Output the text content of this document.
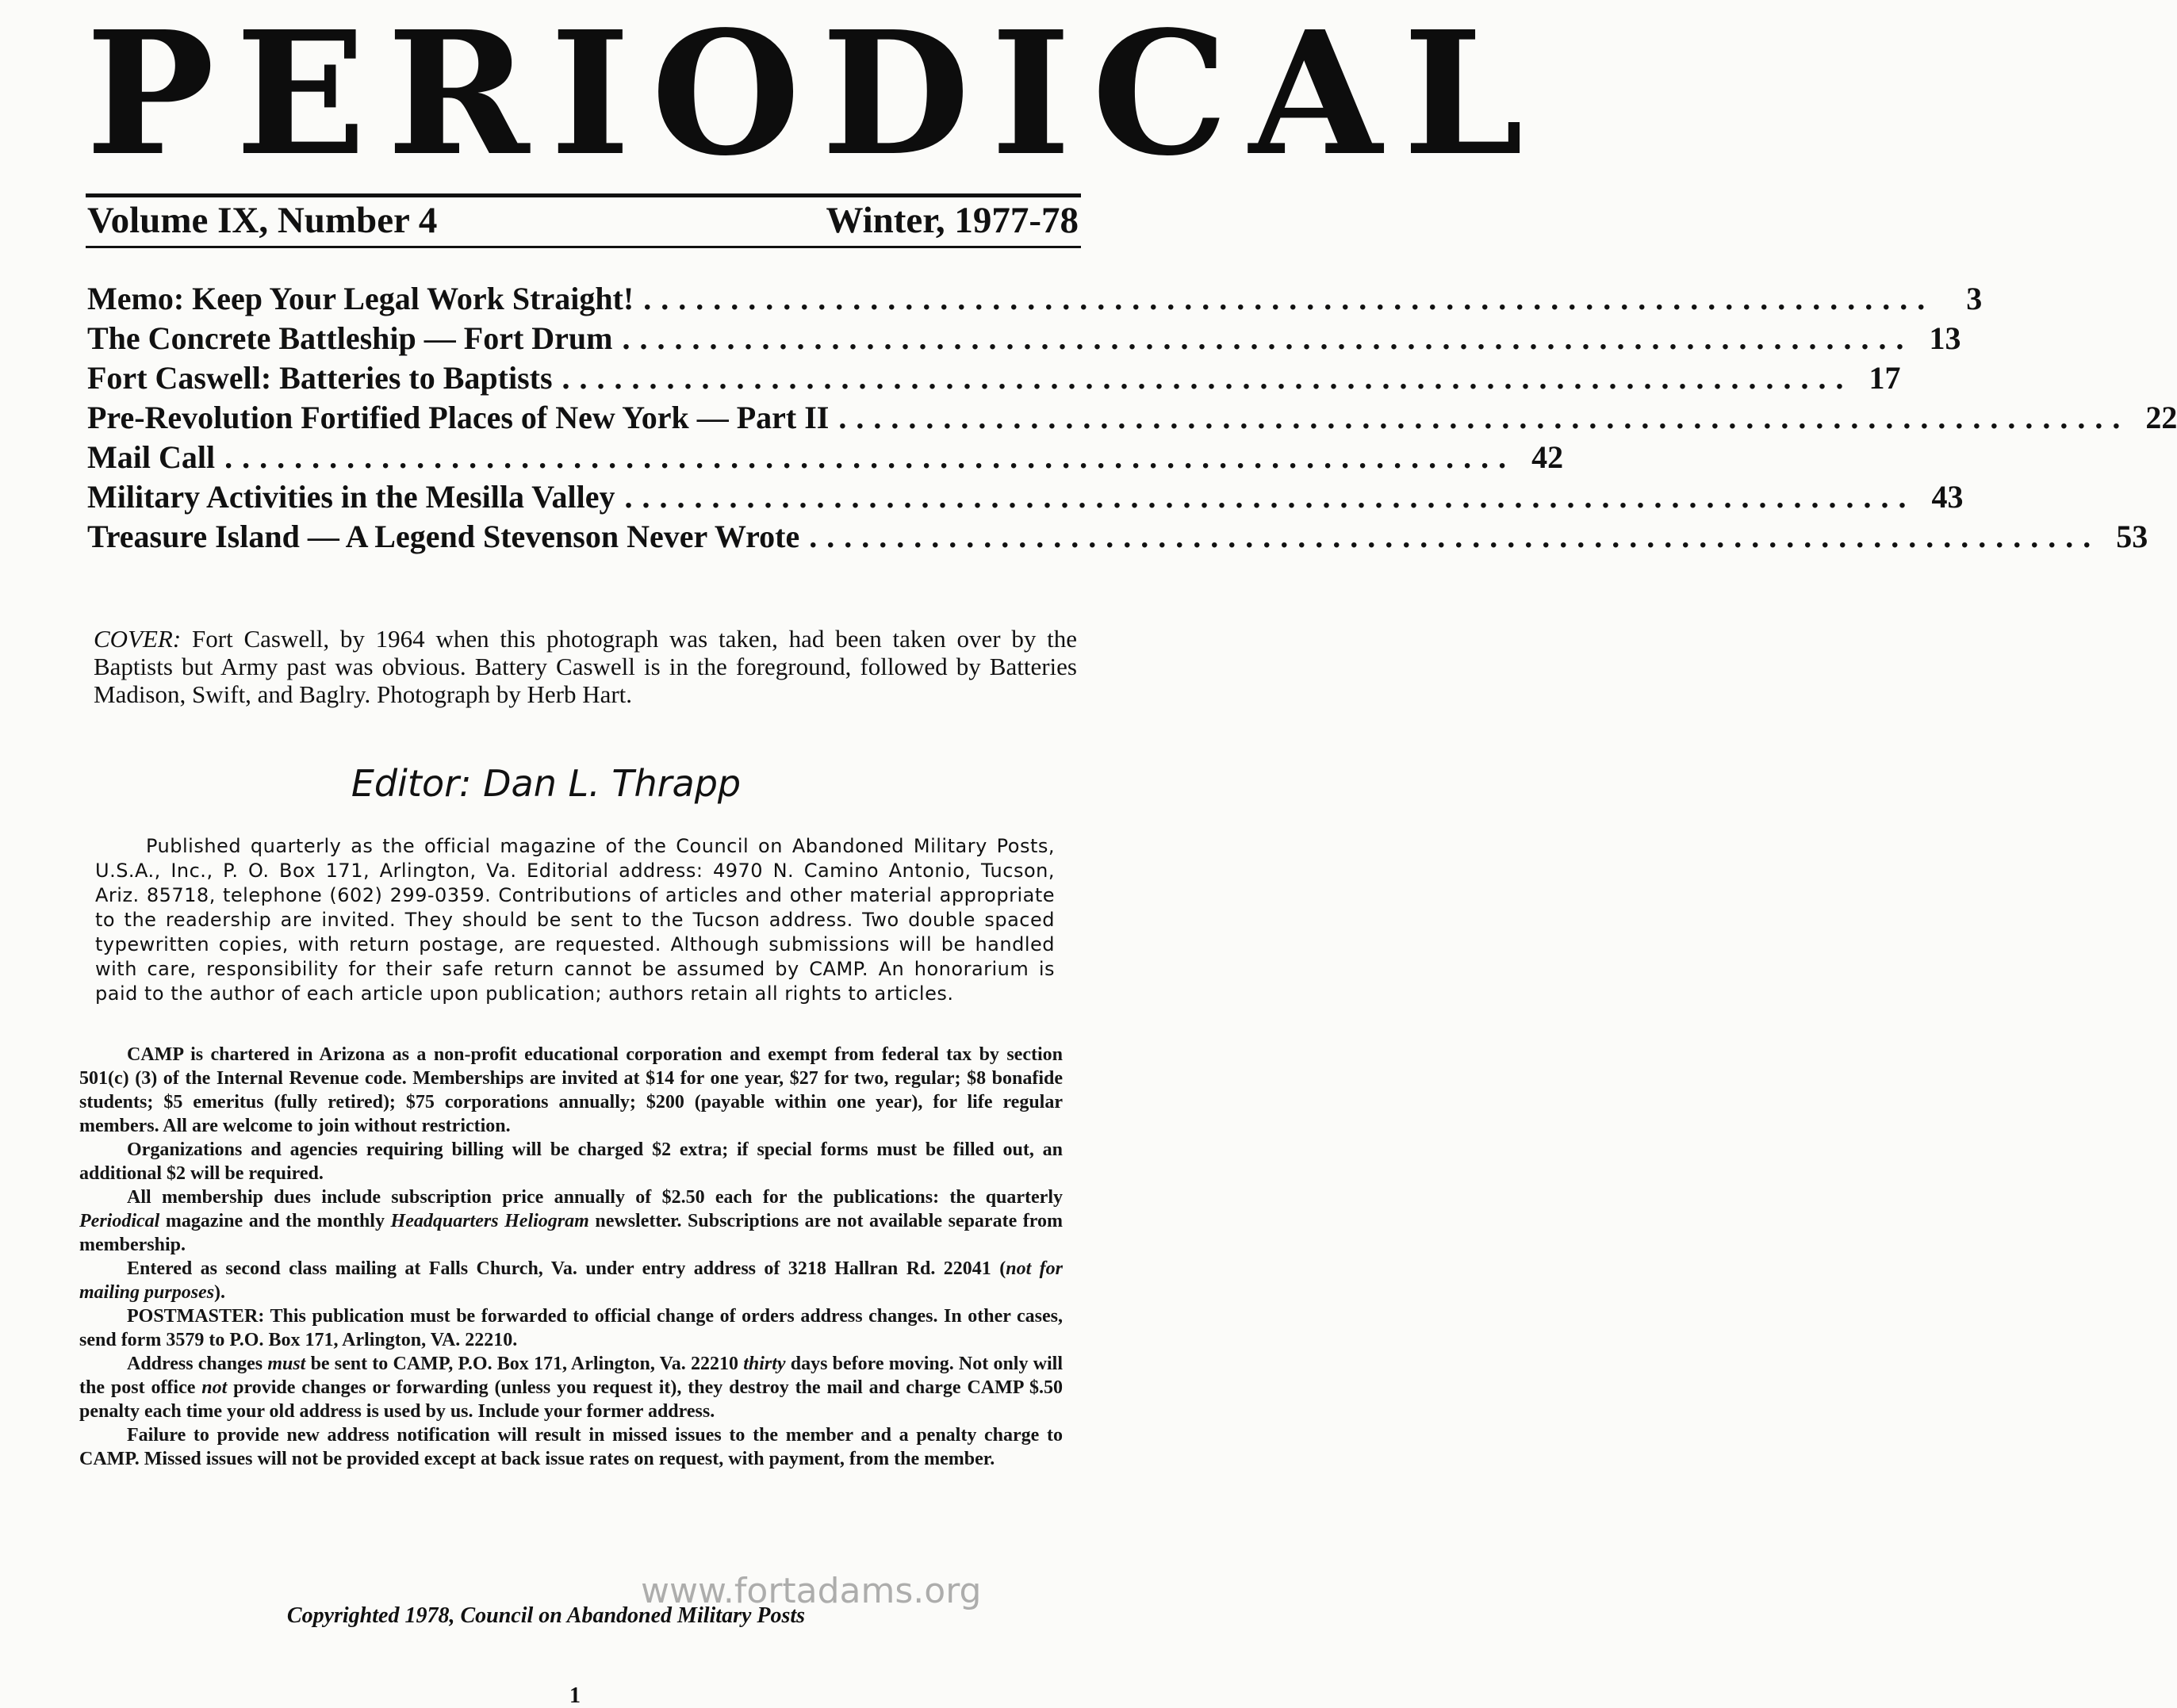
PERIODICAL
Volume IX, Number 4	Winter, 1977-78
Memo: Keep Your Legal Work Straight! ..........................................................................	3
The Concrete Battleship — Fort Drum .......................................................................... 13
Fort Caswell: Batteries to Baptists .......................................................................... 17
Pre-Revolution Fortified Places of New York — Part II .......................................................................... 22
Mail Call .......................................................................... 42
Military Activities in the Mesilla Valley .......................................................................... 43
Treasure Island — A Legend Stevenson Never Wrote .......................................................................... 53
COVER: Fort Caswell, by 1964 when this photograph was taken, had been taken over by the Baptists but Army past was obvious. Battery Caswell is in the foreground, followed by Batteries Madison, Swift, and Baglry. Photograph by Herb Hart.
Editor: Dan L. Thrapp

Published quarterly as the official magazine of the Council on Abandoned Military Posts, U.S.A., Inc., P. O. Box 171, Arlington, Va. Editorial address: 4970 N. Camino Antonio, Tucson, Ariz. 85718, telephone (602) 299-0359. Contributions of articles and other material appropriate to the readership are invited. They should be sent to the Tucson address. Two double spaced typewritten copies, with return postage, are requested. Although submissions will be handled with care, responsibility for their safe return cannot be assumed by CAMP. An honorarium is paid to the author of each article upon publication; authors retain all rights to articles.

CAMP is chartered in Arizona as a non-profit educational corporation and exempt from federal tax by section 501(c) (3) of the Internal Revenue code. Memberships are invited at $14 for one year, $27 for two, regular; $8 bonafide students; $5 emeritus (fully retired); $75 corporations annually; $200 (payable within one year), for life regular members. All are welcome to join without restriction.

Organizations and agencies requiring billing will be charged $2 extra; if special forms must be filled out, an additional $2 will be required.

All membership dues include subscription price annually of $2.50 each for the publications: the quarterly Periodical magazine and the monthly Headquarters Heliogram newsletter. Subscriptions are not available separate from membership.

Entered as second class mailing at Falls Church, Va. under entry address of 3218 Hallran Rd. 22041 (not for mailing purposes).

POSTMASTER: This publication must be forwarded to official change of orders address changes. In other cases, send form 3579 to P.O. Box 171, Arlington, VA. 22210.

Address changes must be sent to CAMP, P.O. Box 171, Arlington, Va. 22210 thirty days before moving. Not only will the post office not provide changes or forwarding (unless you request it), they destroy the mail and charge CAMP $.50 penalty each time your old address is used by us. Include your former address.

Failure to provide new address notification will result in missed issues to the member and a penalty charge to CAMP. Missed issues will not be provided except at back issue rates on request, with payment, from the member.

Copyrighted 1978, Council on Abandoned Military Posts
www.fortadams.org
1
